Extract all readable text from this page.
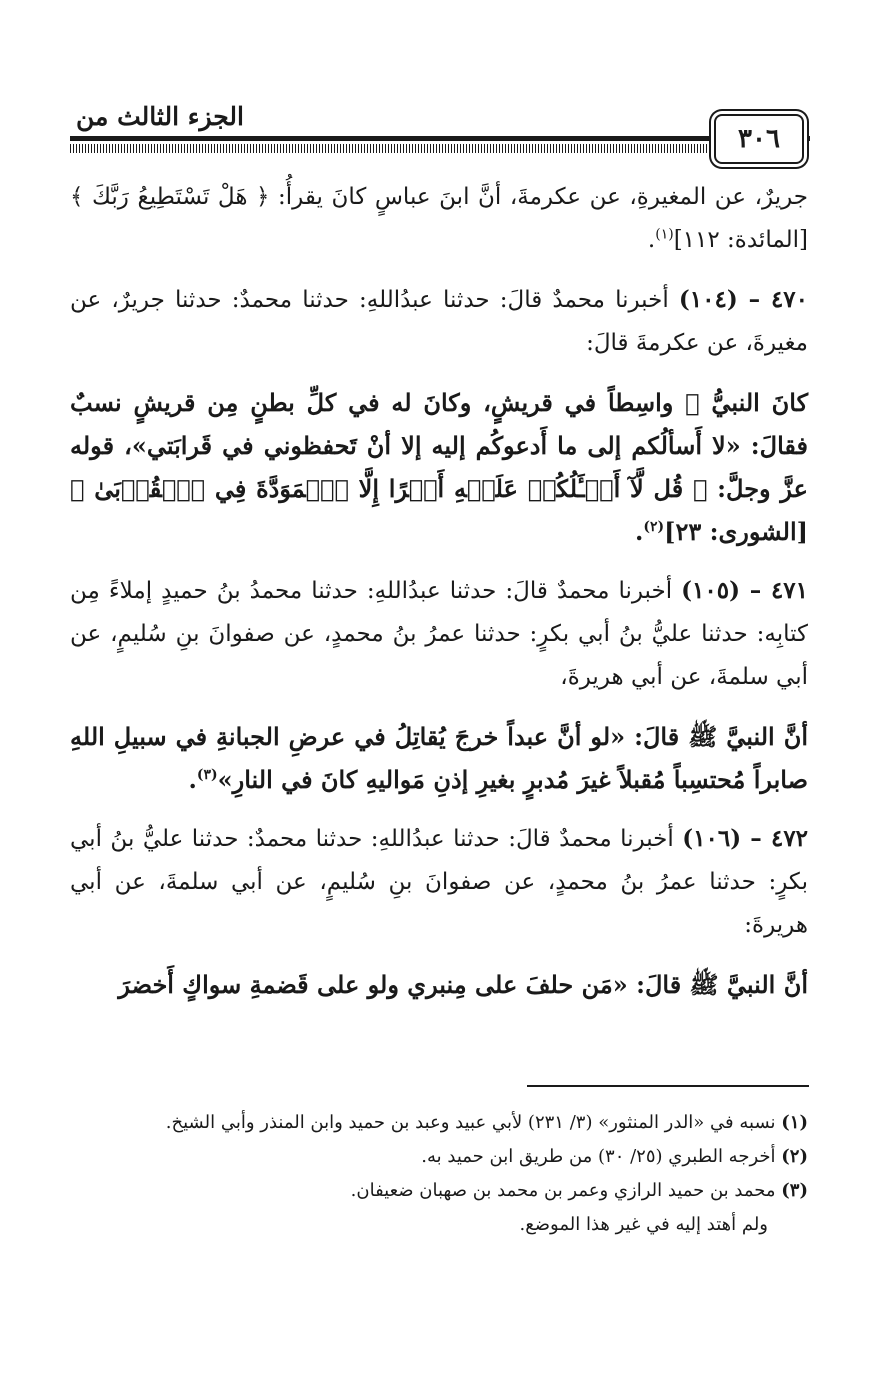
الجزء الثالث من
٣٠٦

جريرٌ، عن المغيرةِ، عن عكرمةَ، أنَّ ابنَ عباسٍ كانَ يقرأُ: ﴿ هَلْ تَسْتَطِيعُ رَبَّكَ ﴾ [المائدة: ١١٢]$^{(١)}$.

٤٧٠ – (١٠٤) أخبرنا محمدٌ قالَ: حدثنا عبدُاللهِ: حدثنا محمدٌ: حدثنا جريرٌ، عن مغيرةَ، عن عكرمةَ قالَ:

كانَ النبيُّ ﷺ واسِطاً في قريشٍ، وكانَ له في كلِّ بطنٍ مِن قريشٍ نسبٌ فقالَ: «لا أَسألُكم إلى ما أَدعوكُم إليه إلا أنْ تَحفظوني في قَرابَتي»، قوله عزَّ وجلَّ: ﴿ قُل لَّآ أَسۡـَٔلُكُمۡ عَلَيۡهِ أَجۡرًا إِلَّا ٱلۡمَوَدَّةَ فِي ٱلۡقُرۡبَىٰ ﴾ [الشورى: ٢٣]$^{(٢)}$.

٤٧١ – (١٠٥) أخبرنا محمدٌ قالَ: حدثنا عبدُاللهِ: حدثنا محمدُ بنُ حميدٍ إملاءً مِن كتابِه: حدثنا عليُّ بنُ أبي بكرٍ: حدثنا عمرُ بنُ محمدٍ، عن صفوانَ بنِ سُليمٍ، عن أبي سلمةَ، عن أبي هريرةَ،

أنَّ النبيَّ ﷺ قالَ: «لو أنَّ عبداً خرجَ يُقاتِلُ في عرضِ الجبانةِ في سبيلِ اللهِ صابراً مُحتسِباً مُقبلاً غيرَ مُدبرٍ بغيرِ إذنِ مَواليهِ كانَ في النارِ»$^{(٣)}$.

٤٧٢ – (١٠٦) أخبرنا محمدٌ قالَ: حدثنا عبدُاللهِ: حدثنا محمدٌ: حدثنا عليُّ بنُ أبي بكرٍ: حدثنا عمرُ بنُ محمدٍ، عن صفوانَ بنِ سُليمٍ، عن أبي سلمةَ، عن أبي هريرةَ:

أنَّ النبيَّ ﷺ قالَ: «مَن حلفَ على مِنبري ولو على قَضمةِ سواكٍ أَخضرَ

(١) نسبه في «الدر المنثور» (٣/ ٢٣١) لأبي عبيد وعبد بن حميد وابن المنذر وأبي الشيخ.

(٢) أخرجه الطبري (٢٥/ ٣٠) من طريق ابن حميد به.

(٣) محمد بن حميد الرازي وعمر بن محمد بن صهبان ضعيفان.

ولم أهتد إليه في غير هذا الموضع.
